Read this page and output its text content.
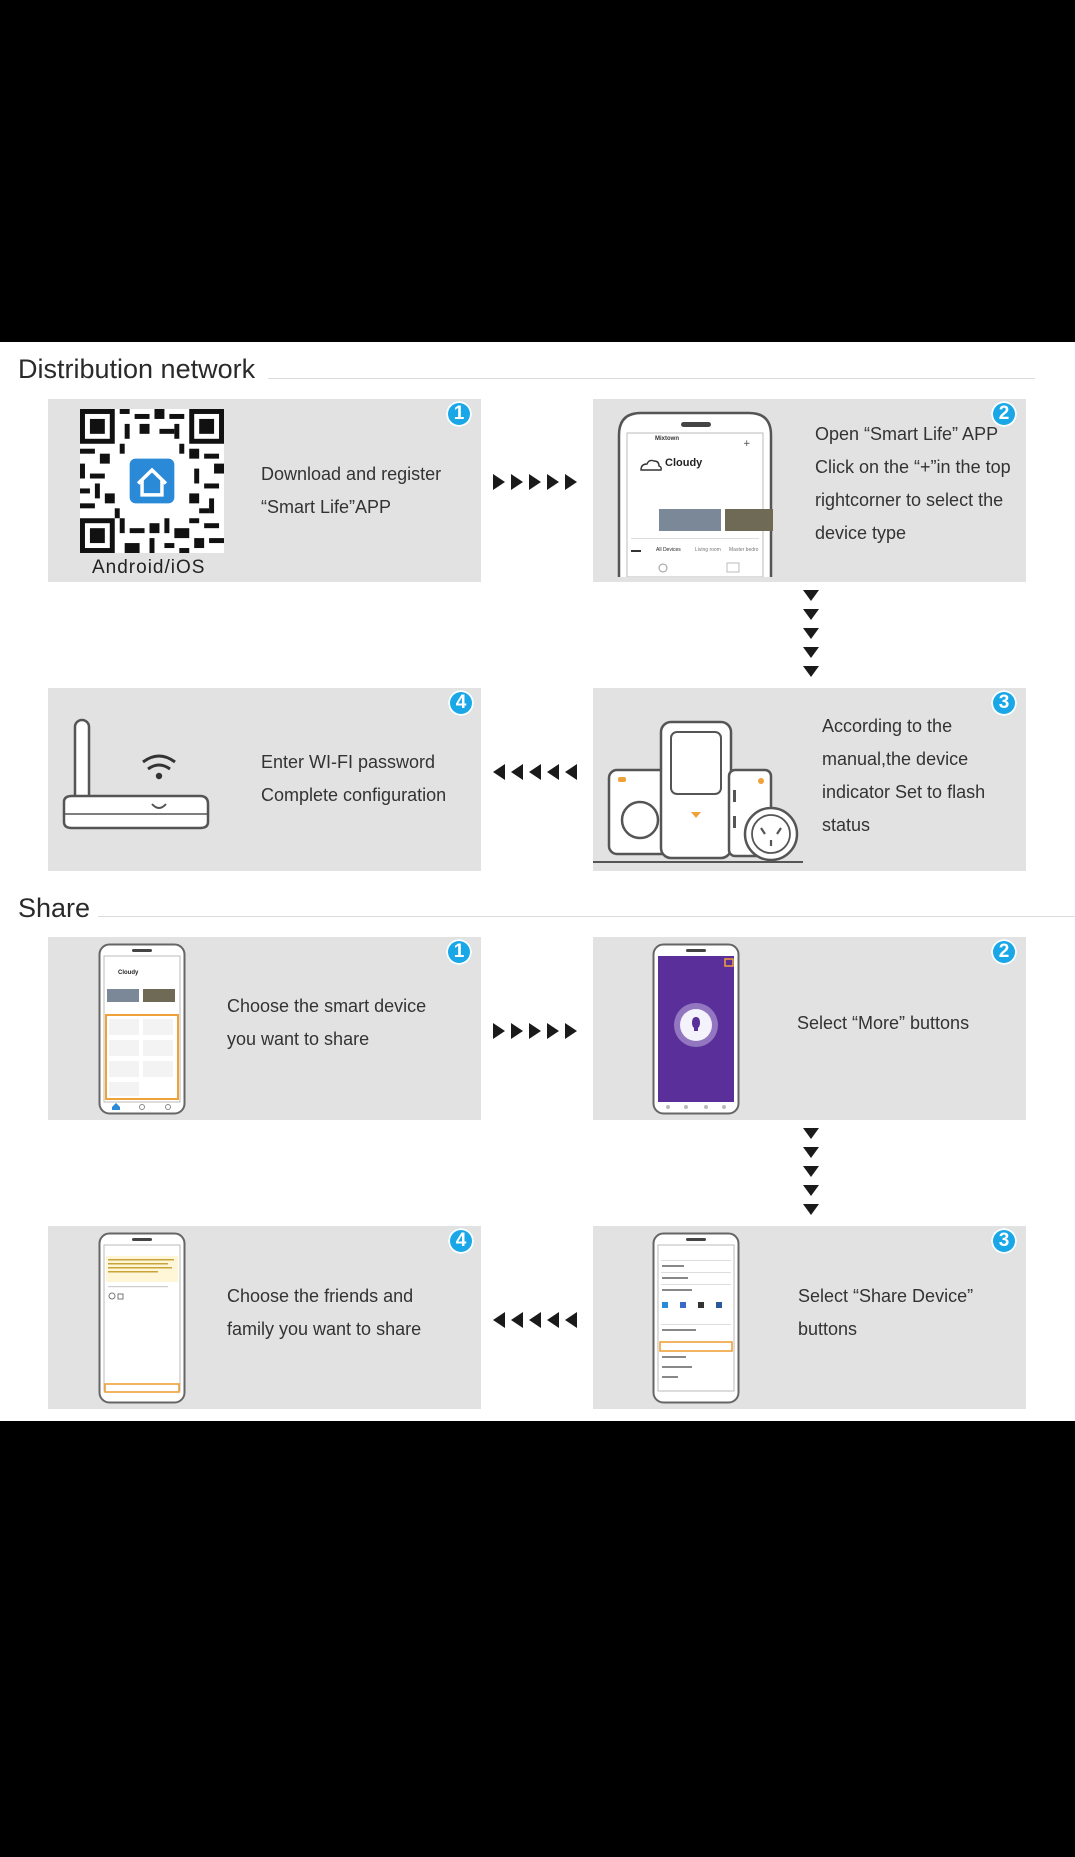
Distribution network
1
Android/iOS
Download and register
“Smart Life”APP
2
+
Mixtown
Cloudy
All Devices	Living room Master bedro
Open “Smart Life” APP
Click on the “+”in the top
rightcorner to select the
device type
4
Enter WI-FI password
Complete configuration
3
According to the
manual,the device
indicator Set to flash
status
Share
1
Cloudy
Choose the smart device
you want to share
2
Select “More” buttons
4
Choose the friends and
family you want to share
3
Select “Share Device”
buttons
